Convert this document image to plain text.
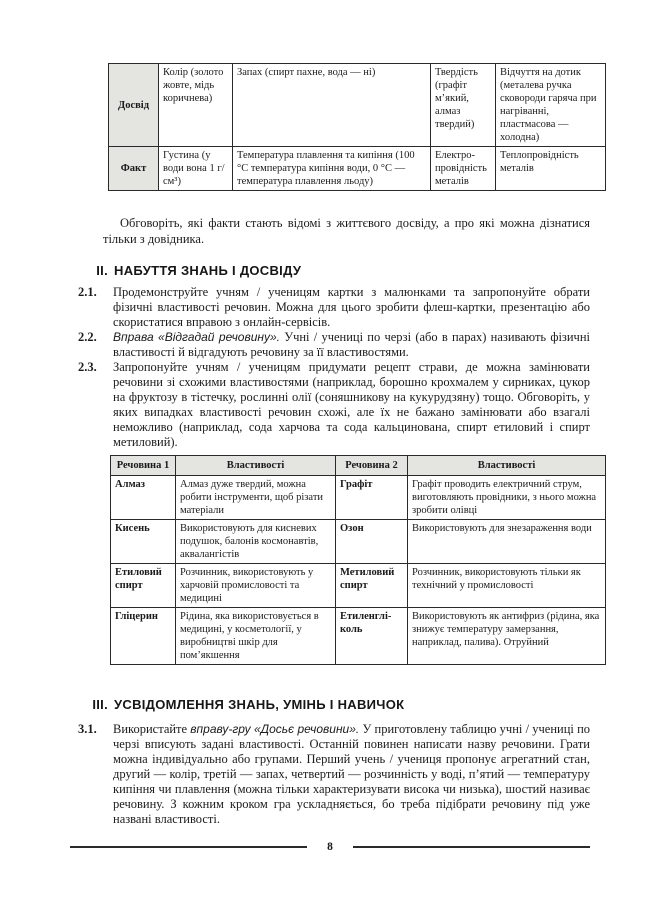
Досвід	Колір (золото жовте, мідь коричнева)	Запах (спирт пахне, вода — ні)	Твердість (графіт м’який, алмаз твердий)	Відчуття на дотик (металева ручка сковороди гаряча при нагріванні, пластмасова — холодна)
Факт	Густина (у води вона 1 г/см³)	Температура плавлення та кипіння (100 °С температура кипіння води, 0 °С — температура плавлення льоду)	Електропровідність металів	Теплопровідність металів
Обговоріть, які факти стають відомі з життєвого досвіду, а про які можна дізнатися тільки з довідника.
ІІ. НАБУТТЯ ЗНАНЬ І ДОСВІДУ
2.1.	Продемонструйте учням / ученицям картки з малюнками та запропонуйте обрати фізичні властивості речовин. Можна для цього зробити флеш-картки, презентацію або скористатися вправою з онлайн-сервісів.
2.2.	Вправа «Відгадай речовину». Учні / учениці по черзі (або в парах) називають фізичні властивості й відгадують речовину за її властивостями.
2.3.	Запропонуйте учням / ученицям придумати рецепт страви, де можна замінювати речовини зі схожими властивостями (наприклад, борошно крохмалем у сирниках, цукор на фруктозу в тістечку, рослинні олії (соняшникову на кукурудзяну) тощо. Обговоріть, у яких випадках властивості речовин схожі, але їх не бажано замінювати або взагалі неможливо (наприклад, сода харчова та сода кальцинована, спирт етиловий і спирт метиловий).
Речовина 1	Властивості	Речовина 2	Властивості
Алмаз	Алмаз дуже твердий, можна робити інструменти, щоб різати матеріали	Графіт	Графіт проводить електричний струм, виготовляють провідники, з нього можна зробити олівці
Кисень	Використовують для кисневих подушок, балонів космонавтів, аквалангістів	Озон	Використовують для знезараження води
Етиловий спирт	Розчинник, використовують у харчовій промисловості та медицині	Метиловий спирт	Розчинник, використовують тільки як технічний у промисловості
Гліцерин	Рідина, яка використовується в медицині, у косметології, у виробництві шкір для пом’якшення	Етиленгліколь	Використовують як антифриз (рідина, яка знижує температуру замерзання, наприклад, палива). Отруйний
ІІІ. УСВІДОМЛЕННЯ ЗНАНЬ, УМІНЬ І НАВИЧОК
3.1.	Використайте вправу-гру «Досьє речовини». У приготовлену таблицю учні / учениці по черзі вписують задані властивості. Останній повинен написати назву речовини. Грати можна індивідуально або групами. Перший учень / учениця пропонує агрегатний стан, другий — колір, третій — запах, четвертий — розчинність у воді, п’ятий — температуру кипіння чи плавлення (можна тільки характеризувати висока чи низька), шостий називає речовину. З кожним кроком гра ускладняється, бо треба підібрати речовину під уже названі властивості.
8
